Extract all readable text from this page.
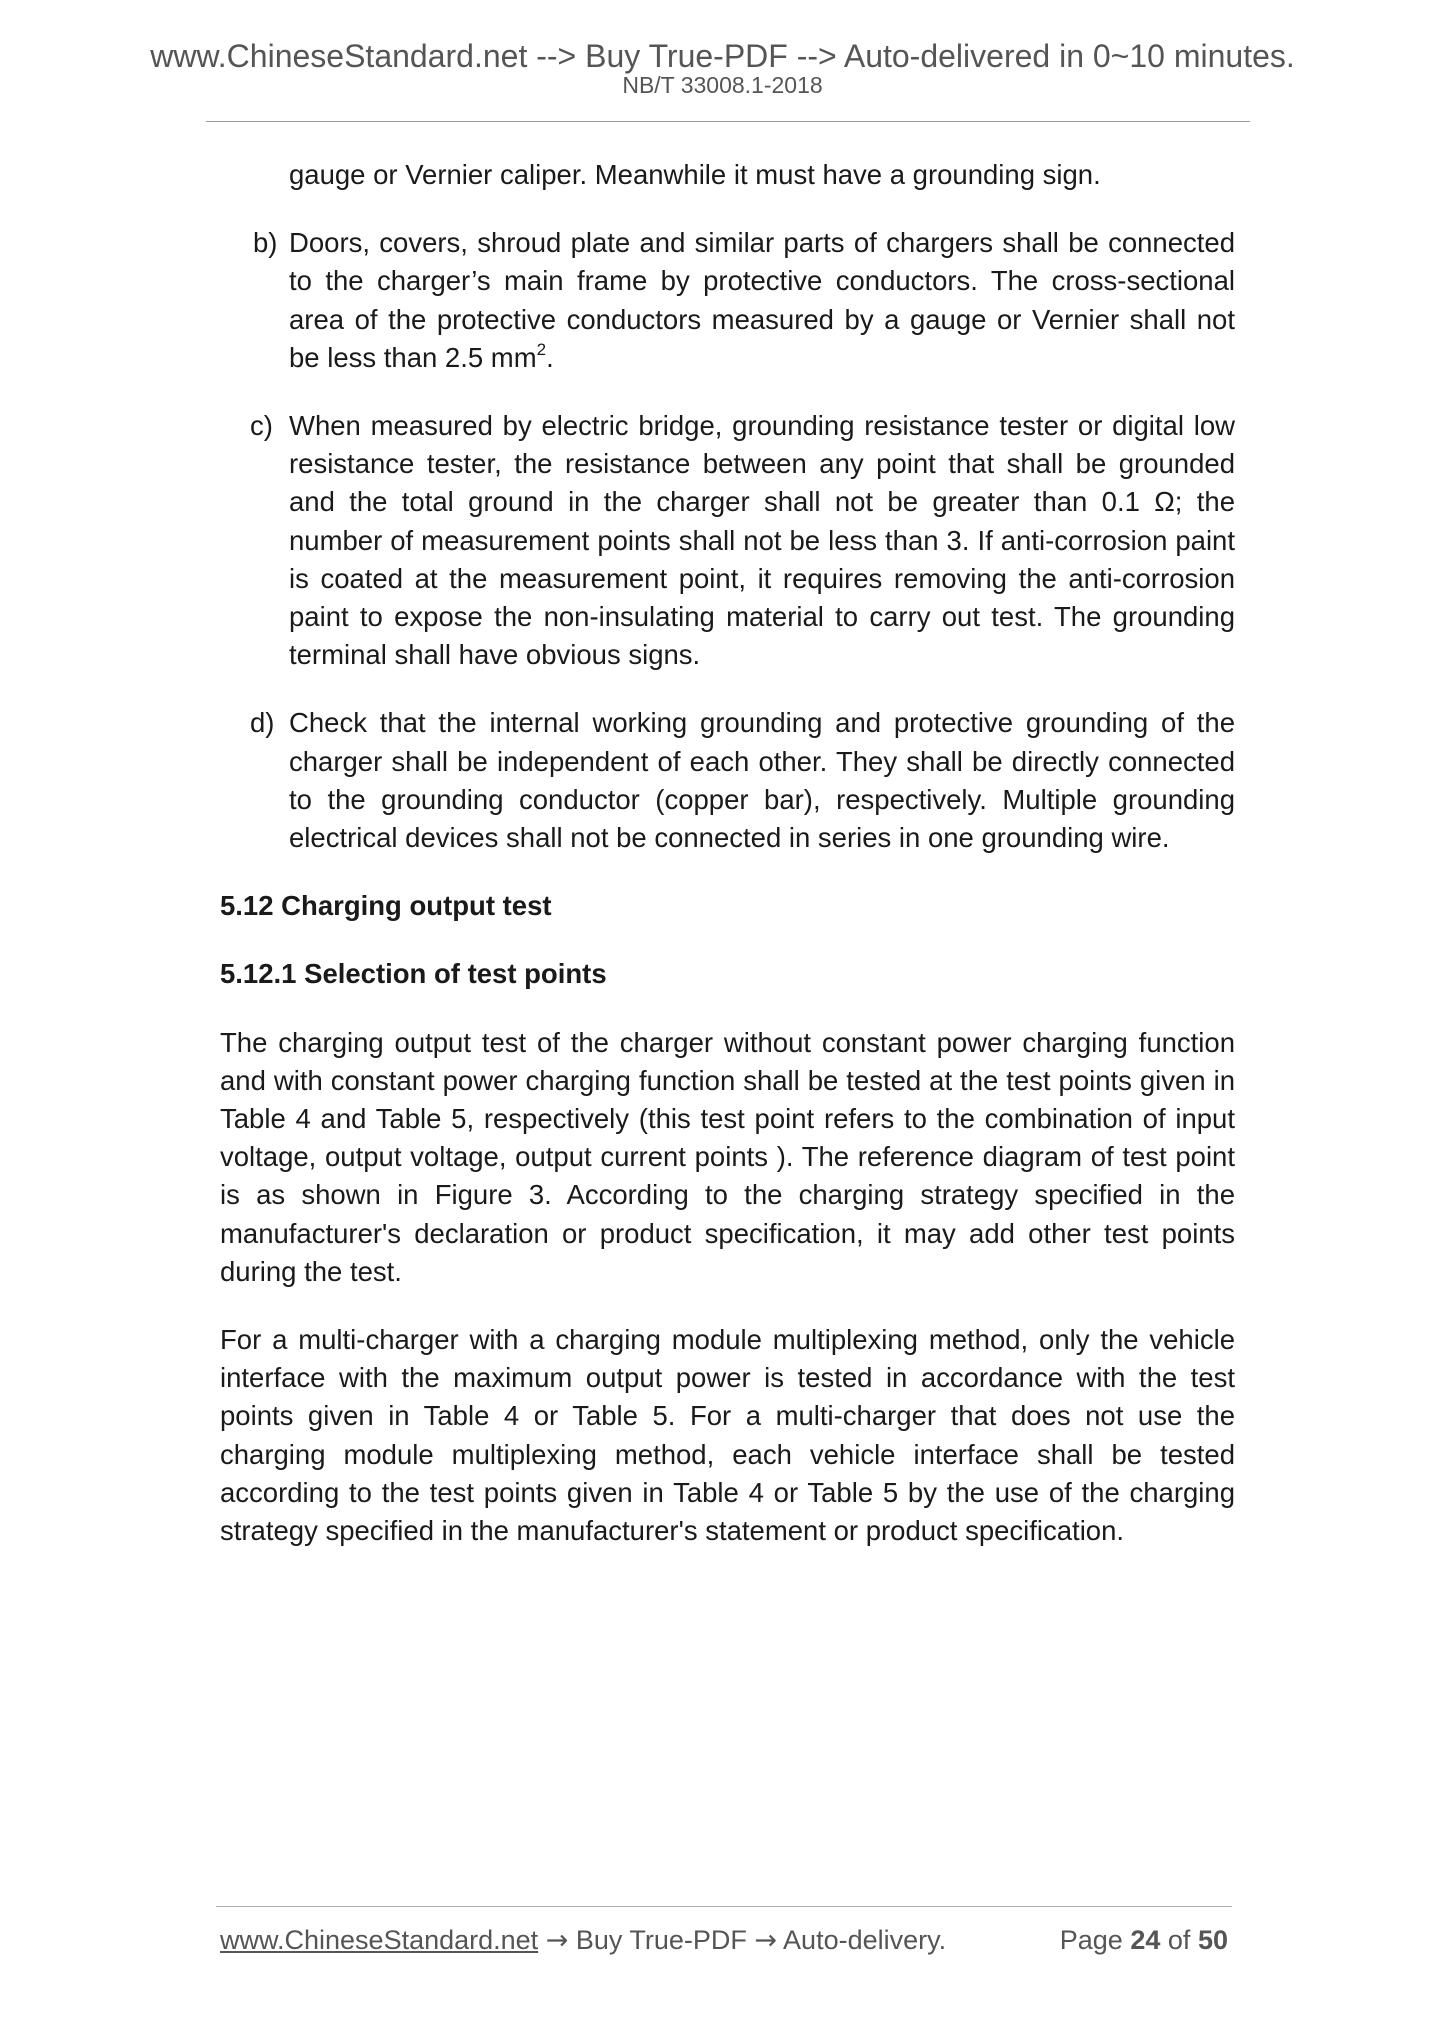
www.ChineseStandard.net --> Buy True-PDF --> Auto-delivered in 0~10 minutes.
NB/T 33008.1-2018

gauge or Vernier caliper. Meanwhile it must have a grounding sign.

b) Doors, covers, shroud plate and similar parts of chargers shall be connected to the charger’s main frame by protective conductors. The cross-sectional area of the protective conductors measured by a gauge or Vernier shall not be less than 2.5 $mm^2$.

c) When measured by electric bridge, grounding resistance tester or digital low resistance tester, the resistance between any point that shall be grounded and the total ground in the charger shall not be greater than 0.1 Ω; the number of measurement points shall not be less than 3. If anti-corrosion paint is coated at the measurement point, it requires removing the anti-corrosion paint to expose the non-insulating material to carry out test. The grounding terminal shall have obvious signs.

d) Check that the internal working grounding and protective grounding of the charger shall be independent of each other. They shall be directly connected to the grounding conductor (copper bar), respectively. Multiple grounding electrical devices shall not be connected in series in one grounding wire.

5.12 Charging output test

5.12.1 Selection of test points

The charging output test of the charger without constant power charging function and with constant power charging function shall be tested at the test points given in Table 4 and Table 5, respectively (this test point refers to the combination of input voltage, output voltage, output current points ). The reference diagram of test point is as shown in Figure 3. According to the charging strategy specified in the manufacturer's declaration or product specification, it may add other test points during the test.

For a multi-charger with a charging module multiplexing method, only the vehicle interface with the maximum output power is tested in accordance with the test points given in Table 4 or Table 5. For a multi-charger that does not use the charging module multiplexing method, each vehicle interface shall be tested according to the test points given in Table 4 or Table 5 by the use of the charging strategy specified in the manufacturer's statement or product specification.

www.ChineseStandard.net → Buy True-PDF → Auto-delivery.	Page 24 of 50
